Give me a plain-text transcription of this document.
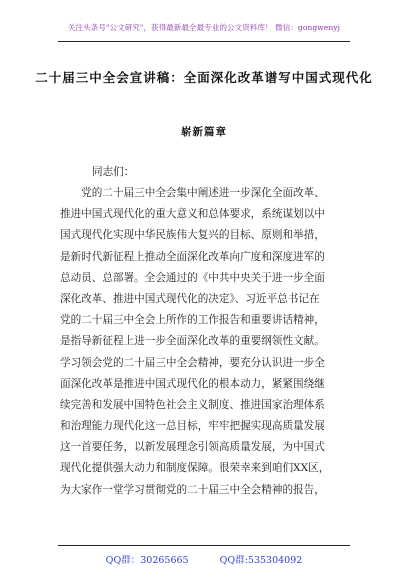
关注头条号"公文研究"，获得最新最全最专业的公文资料库！ 微信：gongwenyj
二十届三中全会宣讲稿：全面深化改革谱写中国式现代化
崭新篇章
同志们：
　　党的二十届三中全会集中阐述进一步深化全面改革、
推进中国式现代化的重大意义和总体要求，系统谋划以中
国式现代化实现中华民族伟大复兴的目标、原则和举措，
是新时代新征程上推动全面深化改革向广度和深度进军的
总动员、总部署。全会通过的《中共中央关于进一步全面
深化改革、推进中国式现代化的决定》、习近平总书记在
党的二十届三中全会上所作的工作报告和重要讲话精神，
是指导新征程上进一步全面深化改革的重要纲领性文献。
学习领会党的二十届三中全会精神，要充分认识进一步全
面深化改革是推进中国式现代化的根本动力，紧紧围绕继
续完善和发展中国特色社会主义制度、推进国家治理体系
和治理能力现代化这一总目标，牢牢把握实现高质量发展
这一首要任务，以新发展理念引领高质量发展，为中国式
现代化提供强大动力和制度保障。很荣幸来到咱们XX区，
为大家作一堂学习贯彻党的二十届三中全会精神的报告，
QQ群：30265665	QQ群:535304092
